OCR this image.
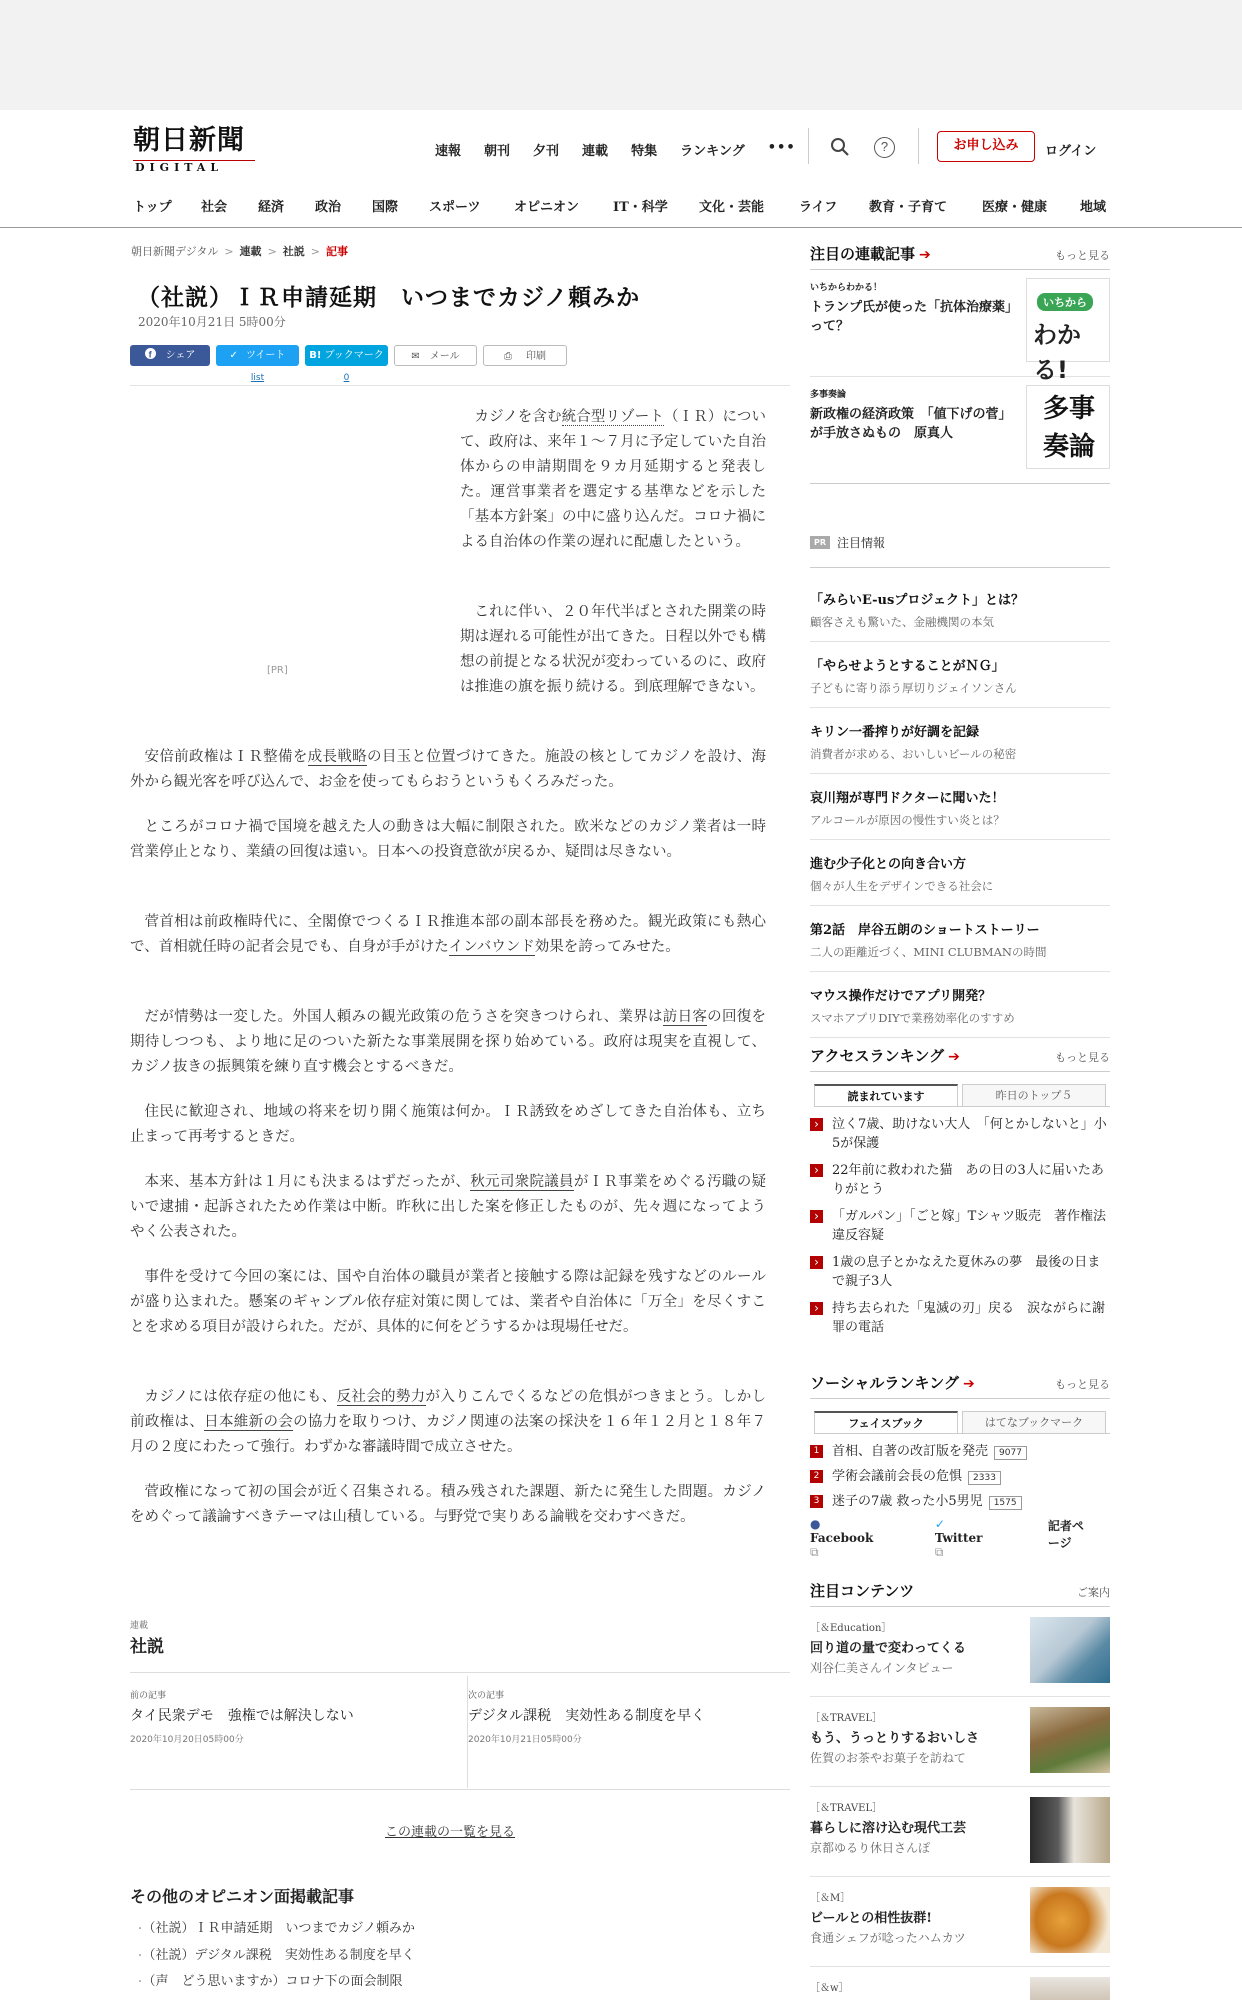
朝日新聞
DIGITAL
速報 朝刊 夕刊 連載 特集 ランキング •••	?	お申し込み	ログイン
トップ	社会	経済	政治	国際	スポーツ	オピニオン	IT・科学	文化・芸能	ライフ	教育・子育て	医療・健康	地域
朝日新聞デジタル > 連載 > 社説 > 記事
（社説）ＩＲ申請延期　いつまでカジノ頼みか
2020年10月21日 5時00分
f シェア	✓ ツイート
list
B! ブックマーク
0
✉ メール	⎙ 印刷
[PR]
カジノを含む統合型リゾート（ＩＲ）について、政府は、来年１～７月に予定していた自治体からの申請期間を９カ月延期すると発表した。運営事業者を選定する基準などを示した「基本方針案」の中に盛り込んだ。コロナ禍による自治体の作業の遅れに配慮したという。
これに伴い、２０年代半ばとされた開業の時期は遅れる可能性が出てきた。日程以外でも構想の前提となる状況が変わっているのに、政府は推進の旗を振り続ける。到底理解できない。
安倍前政権はＩＲ整備を成長戦略の目玉と位置づけてきた。施設の核としてカジノを設け、海外から観光客を呼び込んで、お金を使ってもらおうというもくろみだった。
ところがコロナ禍で国境を越えた人の動きは大幅に制限された。欧米などのカジノ業者は一時営業停止となり、業績の回復は遠い。日本への投資意欲が戻るか、疑問は尽きない。
菅首相は前政権時代に、全閣僚でつくるＩＲ推進本部の副本部長を務めた。観光政策にも熱心で、首相就任時の記者会見でも、自身が手がけたインバウンド効果を誇ってみせた。
だが情勢は一変した。外国人頼みの観光政策の危うさを突きつけられ、業界は訪日客の回復を期待しつつも、より地に足のついた新たな事業展開を探り始めている。政府は現実を直視して、カジノ抜きの振興策を練り直す機会とするべきだ。
住民に歓迎され、地域の将来を切り開く施策は何か。ＩＲ誘致をめざしてきた自治体も、立ち止まって再考するときだ。
本来、基本方針は１月にも決まるはずだったが、秋元司衆院議員がＩＲ事業をめぐる汚職の疑いで逮捕・起訴されたため作業は中断。昨秋に出した案を修正したものが、先々週になってようやく公表された。
事件を受けて今回の案には、国や自治体の職員が業者と接触する際は記録を残すなどのルールが盛り込まれた。懸案のギャンブル依存症対策に関しては、業者や自治体に「万全」を尽くすことを求める項目が設けられた。だが、具体的に何をどうするかは現場任せだ。
カジノには依存症の他にも、反社会的勢力が入りこんでくるなどの危惧がつきまとう。しかし前政権は、日本維新の会の協力を取りつけ、カジノ関連の法案の採決を１６年１２月と１８年７月の２度にわたって強行。わずかな審議時間で成立させた。
菅政権になって初の国会が近く召集される。積み残された課題、新たに発生した問題。カジノをめぐって議論すべきテーマは山積している。与野党で実りある論戦を交わすべきだ。
連載
社説
前の記事
タイ民衆デモ　強権では解決しない
2020年10月20日05時00分
次の記事
デジタル課税　実効性ある制度を早く
2020年10月21日05時00分
この連載の一覧を見る
その他のオピニオン面掲載記事
・ （社説）ＩＲ申請延期　いつまでカジノ頼みか
・ （社説）デジタル課税　実効性ある制度を早く
・ （声　どう思いますか）コロナ下の面会制限
注目の連載記事 ➔	もっと見る
いちからわかる！
トランプ氏が使った「抗体治療薬」って？
いちから
わかる!
多事奏論
新政権の経済政策　「値下げの菅」が手放さぬもの　原真人
多事奏論
PR 注目情報
「みらいE-usプロジェクト」とは？
顧客さえも驚いた、金融機関の本気
「やらせようとすることがＮＧ」
子どもに寄り添う厚切りジェイソンさん
キリン一番搾りが好調を記録
消費者が求める、おいしいビールの秘密
哀川翔が専門ドクターに聞いた！
アルコールが原因の慢性すい炎とは？
進む少子化との向き合い方
個々が人生をデザインできる社会に
第2話　岸谷五朗のショートストーリー
二人の距離近づく、MINI CLUBMANの時間
マウス操作だけでアプリ開発？
スマホアプリDIYで業務効率化のすすめ
アクセスランキング ➔	もっと見る
読まれています	昨日のトップ５
›
泣く7歳、助けない大人　「何とかしないと」小5が保護
›
22年前に救われた猫　あの日の3人に届いたありがとう
›
「ガルパン」「ごと嫁」Tシャツ販売　著作権法違反容疑
›
1歳の息子とかなえた夏休みの夢　最後の日まで親子3人
›
持ち去られた「鬼滅の刃」戻る　涙ながらに謝罪の電話
ソーシャルランキング ➔	もっと見る
フェイスブック	はてなブックマーク
1 首相、自著の改訂版を発売 9077
2 学術会議前会長の危惧 2333
3 迷子の7歳 救った小5男児 1575
● Facebook ⧉
✓ Twitter ⧉
記者ページ
注目コンテンツ	ご案内
［＆Education］
回り道の量で変わってくる
刈谷仁美さんインタビュー
［＆TRAVEL］
もう、うっとりするおいしさ
佐賀のお茶やお菓子を訪ねて
［＆TRAVEL］
暮らしに溶け込む現代工芸
京都ゆるり休日さんぽ
［＆M］
ビールとの相性抜群!
食通シェフが唸ったハムカツ
［＆w］
